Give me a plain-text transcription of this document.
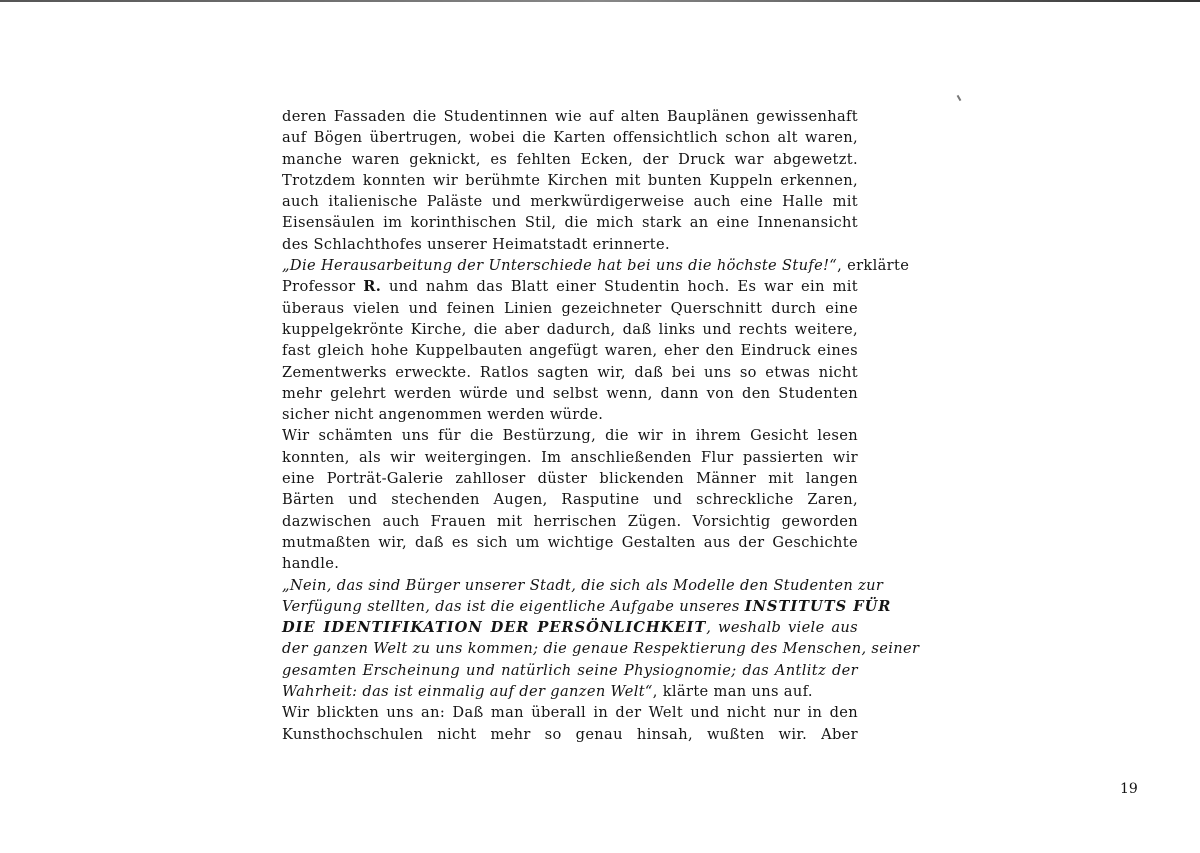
deren Fassaden die Studentinnen wie auf alten Bauplänen gewissenhaft
auf Bögen übertrugen, wobei die Karten offensichtlich schon alt waren,
manche waren geknickt, es fehlten Ecken, der Druck war abgewetzt.
Trotzdem konnten wir berühmte Kirchen mit bunten Kuppeln erkennen,
auch italienische Paläste und merkwürdigerweise auch eine Halle mit
Eisensäulen im korinthischen Stil, die mich stark an eine Innenansicht
des Schlachthofes unserer Heimatstadt erinnerte.
„Die Herausarbeitung der Unterschiede hat bei uns die höchste Stufe!“, erklärte
Professor R. und nahm das Blatt einer Studentin hoch. Es war ein mit
überaus vielen und feinen Linien gezeichneter Querschnitt durch eine
kuppelgekrönte Kirche, die aber dadurch, daß links und rechts weitere,
fast gleich hohe Kuppelbauten angefügt waren, eher den Eindruck eines
Zementwerks erweckte. Ratlos sagten wir, daß bei uns so etwas nicht
mehr gelehrt werden würde und selbst wenn, dann von den Studenten
sicher nicht angenommen werden würde.
Wir schämten uns für die Bestürzung, die wir in ihrem Gesicht lesen
konnten, als wir weitergingen. Im anschließenden Flur passierten wir
eine Porträt-Galerie zahlloser düster blickenden Männer mit langen
Bärten und stechenden Augen, Rasputine und schreckliche Zaren,
dazwischen auch Frauen mit herrischen Zügen. Vorsichtig geworden
mutmaßten wir, daß es sich um wichtige Gestalten aus der Geschichte
handle.
„Nein, das sind Bürger unserer Stadt, die sich als Modelle den Studenten zur
Verfügung stellten, das ist die eigentliche Aufgabe unseres INSTITUTS FÜR
DIE IDENTIFIKATION DER PERSÖNLICHKEIT, weshalb viele aus
der ganzen Welt zu uns kommen; die genaue Respektierung des Menschen, seiner
gesamten Erscheinung und natürlich seine Physiognomie; das Antlitz der
Wahrheit: das ist einmalig auf der ganzen Welt“, klärte man uns auf.
Wir blickten uns an: Daß man überall in der Welt und nicht nur in den
Kunsthochschulen nicht mehr so genau hinsah, wußten wir. Aber
19
